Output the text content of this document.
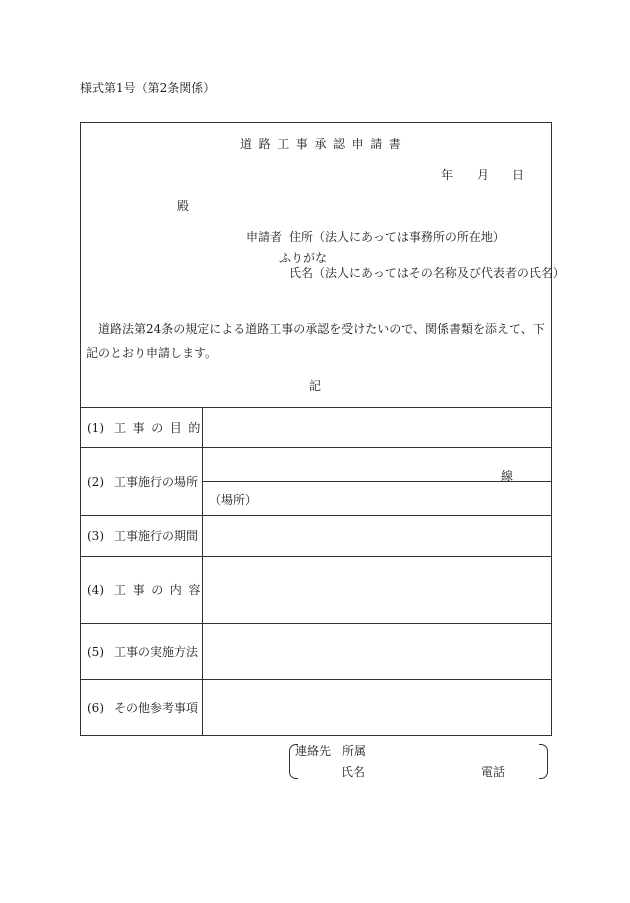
様式第1号（第2条関係）
道路工事承認申請書
年 月 日
殿
申請者 住所（法人にあっては事務所の所在地）
ふりがな
氏名（法人にあってはその名称及び代表者の氏名）
道路法第24条の規定による道路工事の承認を受けたいので、関係書類を添えて、下記のとおり申請します。
記
(1) 工事の目的
(2) 工事施行の場所	線
（場所）
(3) 工事施行の期間
(4) 工事の内容
(5) 工事の実施方法
(6) その他参考事項
連絡先 所属
氏名	電話
